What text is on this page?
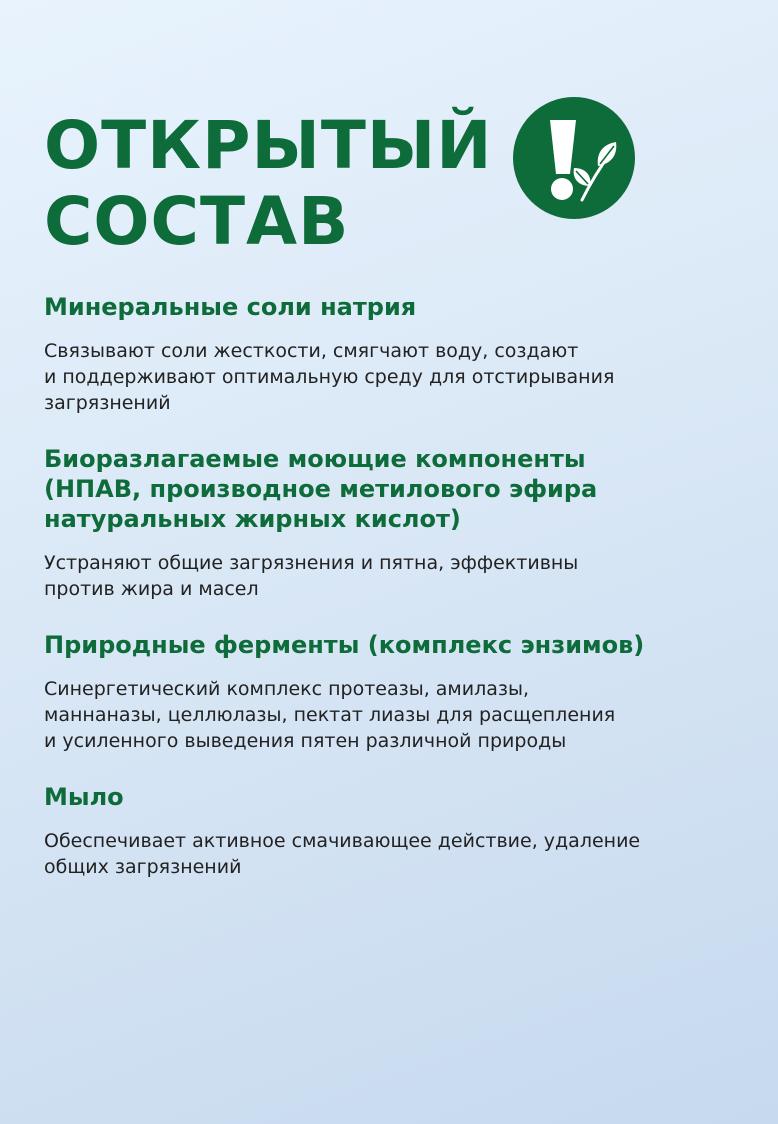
ОТКРЫТЫЙ
СОСТАВ
Минеральные соли натрия

Связывают соли жесткости, смягчают воду, создают
и поддерживают оптимальную среду для отстирывания
загрязнений

Биоразлагаемые моющие компоненты
(НПАВ, производное метилового эфира
натуральных жирных кислот)

Устраняют общие загрязнения и пятна, эффективны
против жира и масел

Природные ферменты (комплекс энзимов)

Синергетический комплекс протеазы, амилазы,
маннаназы, целлюлазы, пектат лиазы для расщепления
и усиленного выведения пятен различной природы

Мыло

Обеспечивает активное смачивающее действие, удаление
общих загрязнений
